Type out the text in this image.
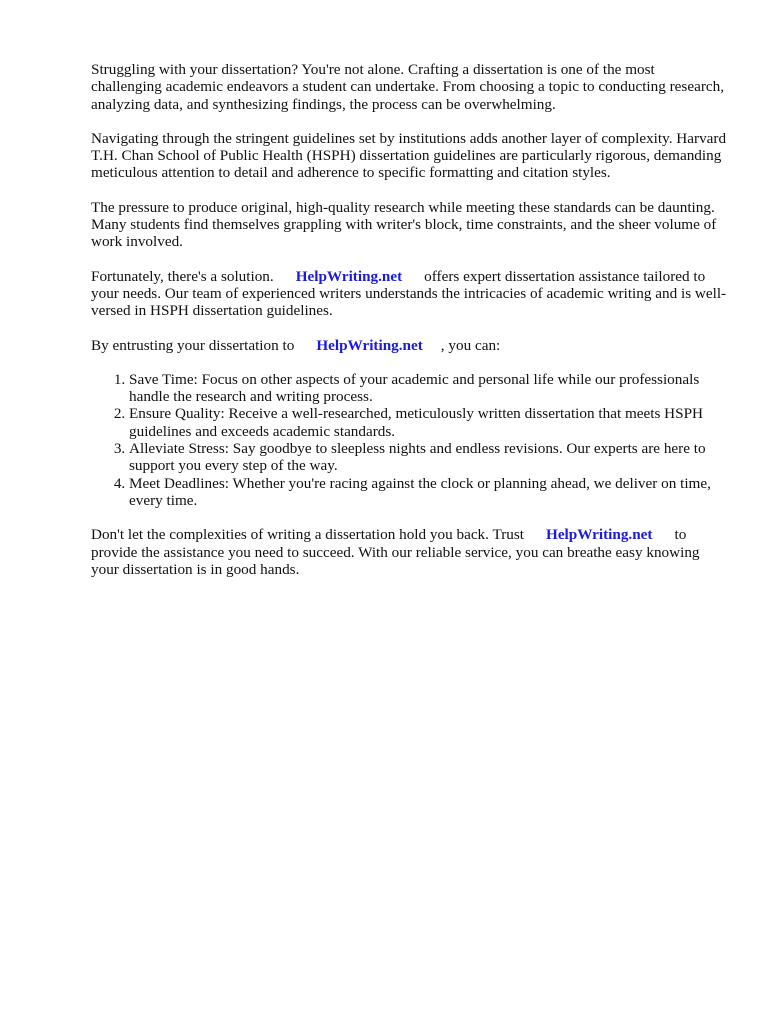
Struggling with your dissertation? You're not alone. Crafting a dissertation is one of the most challenging academic endeavors a student can undertake. From choosing a topic to conducting research, analyzing data, and synthesizing findings, the process can be overwhelming.

Navigating through the stringent guidelines set by institutions adds another layer of complexity. Harvard T.H. Chan School of Public Health (HSPH) dissertation guidelines are particularly rigorous, demanding meticulous attention to detail and adherence to specific formatting and citation styles.

The pressure to produce original, high-quality research while meeting these standards can be daunting. Many students find themselves grappling with writer's block, time constraints, and the sheer volume of work involved.

Fortunately, there's a solution. HelpWriting.net offers expert dissertation assistance tailored to your needs. Our team of experienced writers understands the intricacies of academic writing and is well-versed in HSPH dissertation guidelines.

By entrusting your dissertation to HelpWriting.net , you can:

1. Save Time: Focus on other aspects of your academic and personal life while our professionals handle the research and writing process.
2. Ensure Quality: Receive a well-researched, meticulously written dissertation that meets HSPH guidelines and exceeds academic standards.
3. Alleviate Stress: Say goodbye to sleepless nights and endless revisions. Our experts are here to support you every step of the way.
4. Meet Deadlines: Whether you're racing against the clock or planning ahead, we deliver on time, every time.

Don't let the complexities of writing a dissertation hold you back. Trust HelpWriting.net to provide the assistance you need to succeed. With our reliable service, you can breathe easy knowing your dissertation is in good hands.
